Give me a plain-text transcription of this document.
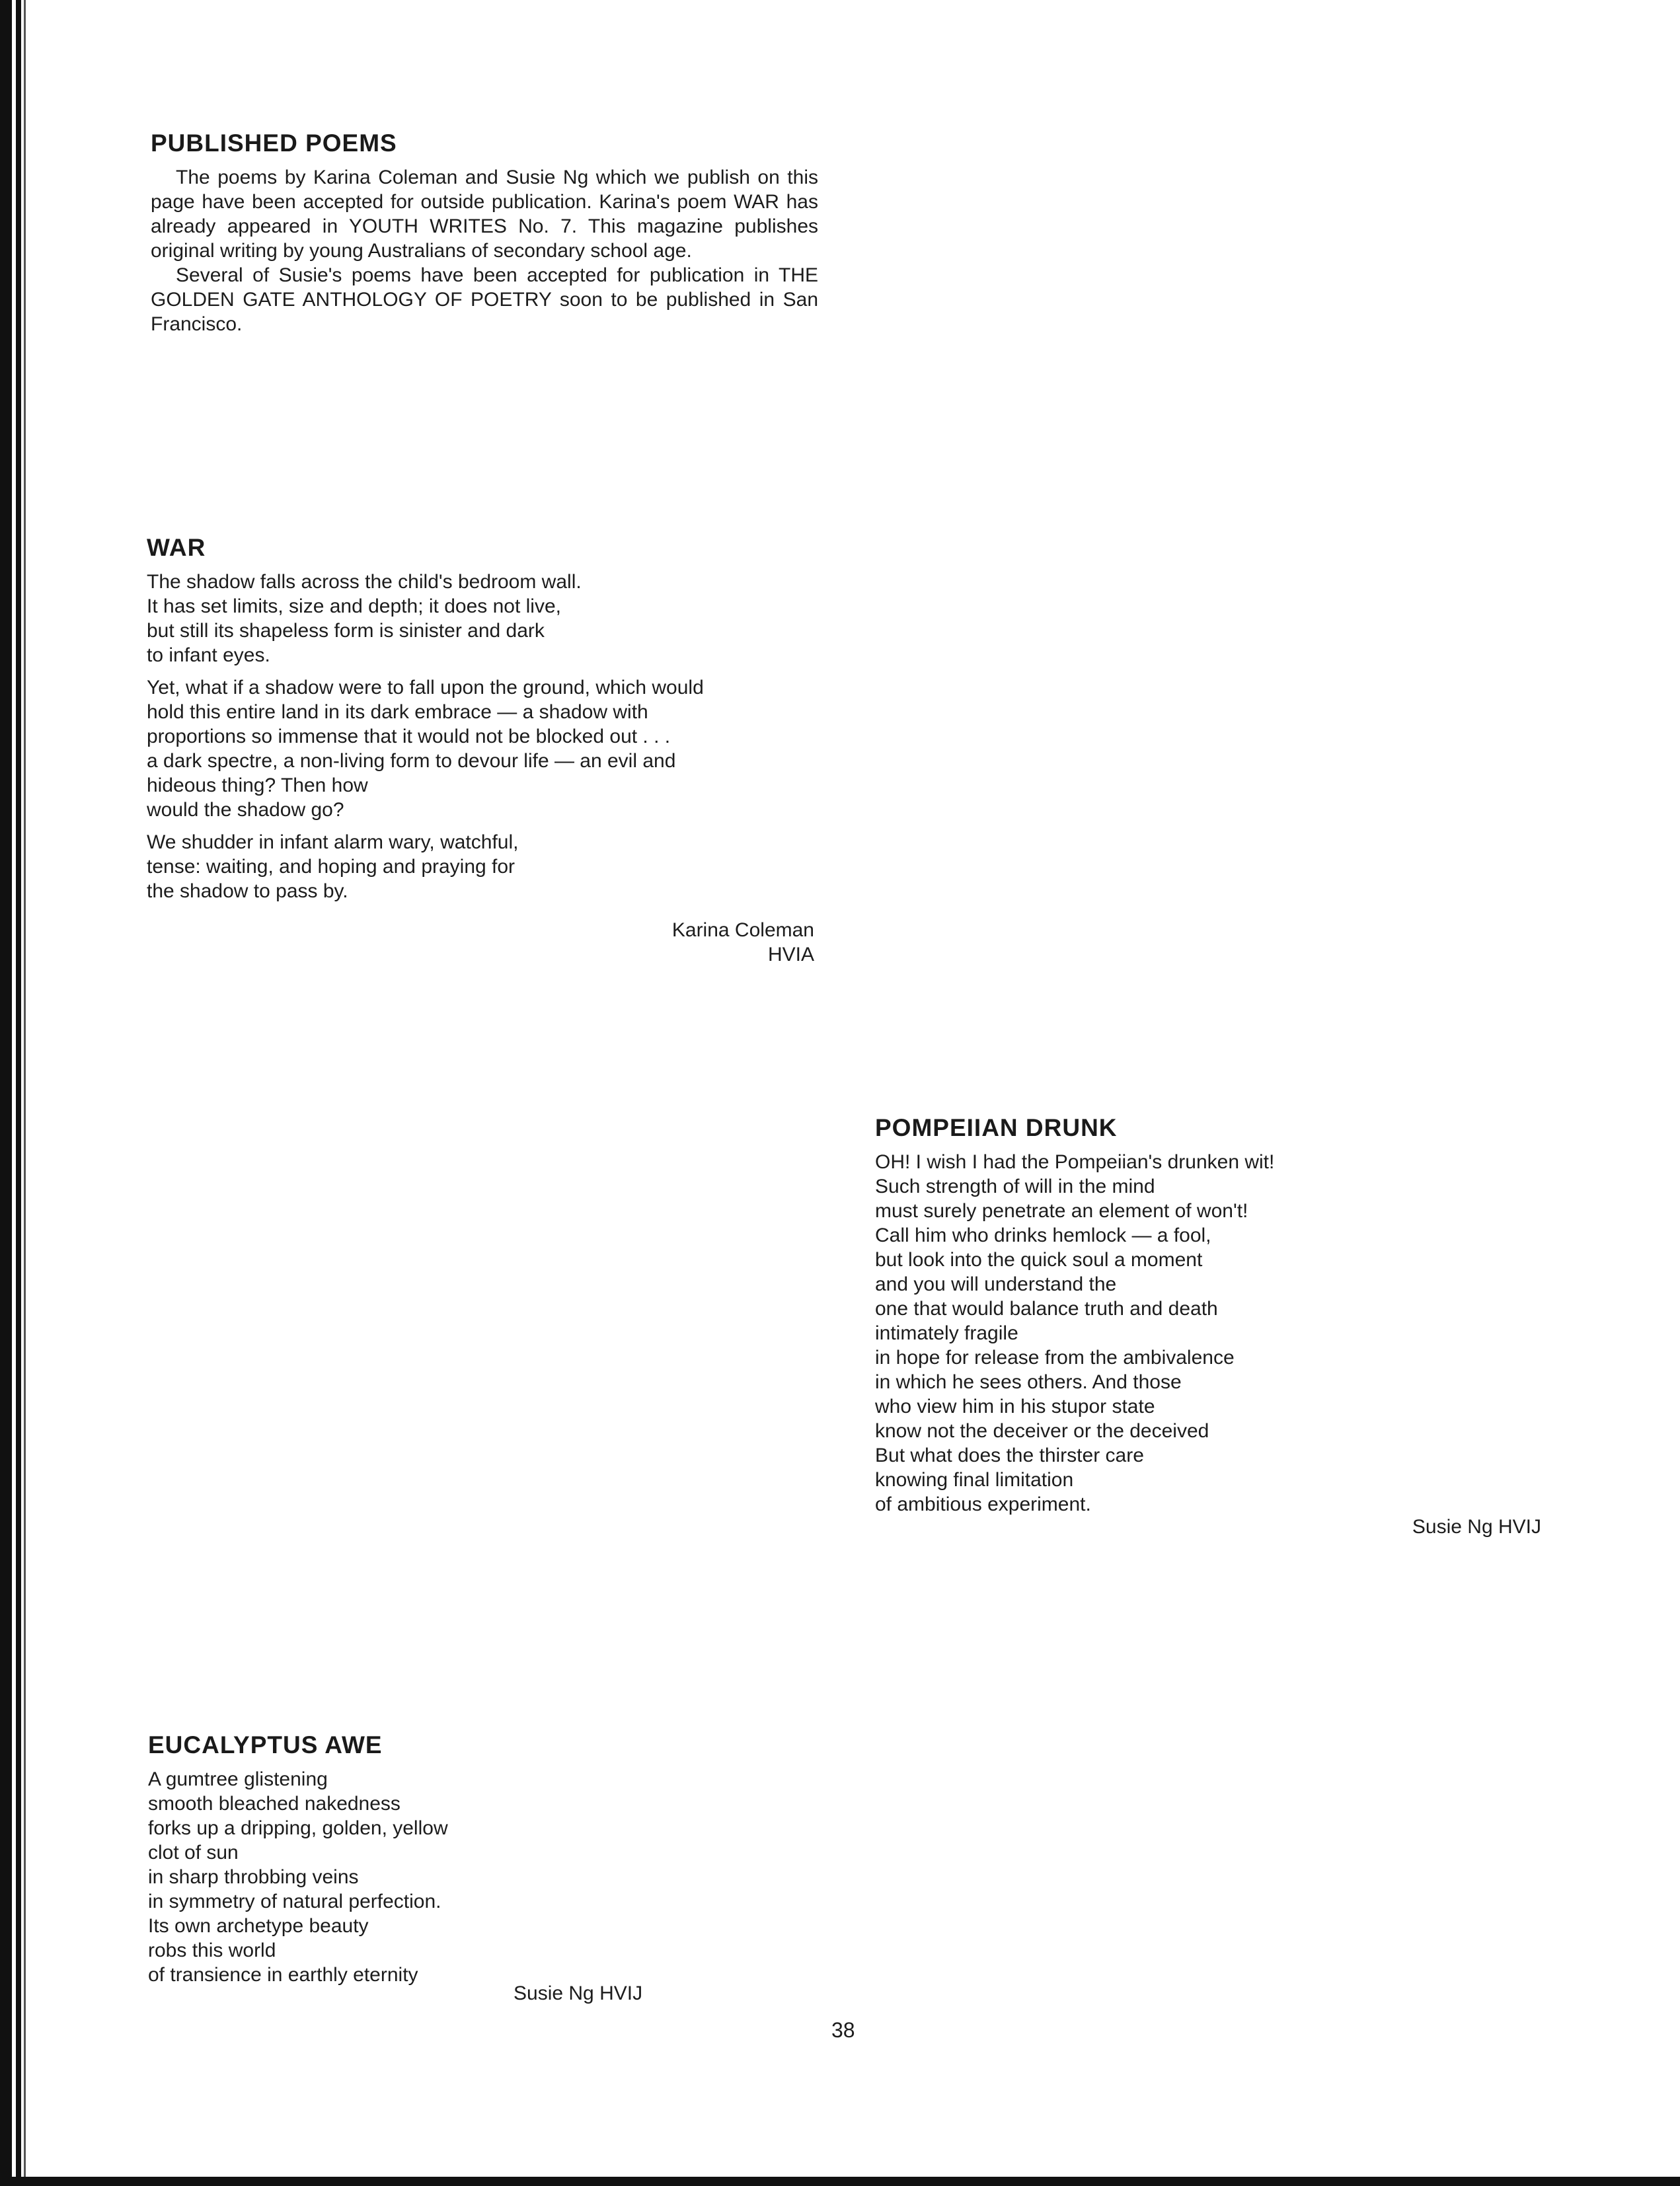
PUBLISHED POEMS

The poems by Karina Coleman and Susie Ng which we publish on this page have been accepted for outside publication. Karina's poem WAR has already appeared in YOUTH WRITES No. 7. This magazine publishes original writing by young Australians of secondary school age.

Several of Susie's poems have been accepted for publication in THE GOLDEN GATE ANTHOLOGY OF POETRY soon to be published in San Francisco.

WAR
The shadow falls across the child's bedroom wall.
It has set limits, size and depth; it does not live,
but still its shapeless form is sinister and dark
to infant eyes.
Yet, what if a shadow were to fall upon the ground, which would
hold this entire land in its dark embrace — a shadow with
proportions so immense that it would not be blocked out . . .
a dark spectre, a non-living form to devour life — an evil and
hideous thing? Then how
would the shadow go?
We shudder in infant alarm wary, watchful,
tense: waiting, and hoping and praying for
the shadow to pass by.
Karina Coleman
HVIA
POMPEIIAN DRUNK
OH! I wish I had the Pompeiian's drunken wit!
Such strength of will in the mind
must surely penetrate an element of won't!
Call him who drinks hemlock — a fool,
but look into the quick soul a moment
and you will understand the
one that would balance truth and death
intimately fragile
in hope for release from the ambivalence
in which he sees others. And those
who view him in his stupor state
know not the deceiver or the deceived
But what does the thirster care
knowing final limitation
of ambitious experiment.
Susie Ng HVIJ
EUCALYPTUS AWE
A gumtree glistening
smooth bleached nakedness
forks up a dripping, golden, yellow
clot of sun
in sharp throbbing veins
in symmetry of natural perfection.
Its own archetype beauty
robs this world
of transience in earthly eternity
Susie Ng HVIJ
38
